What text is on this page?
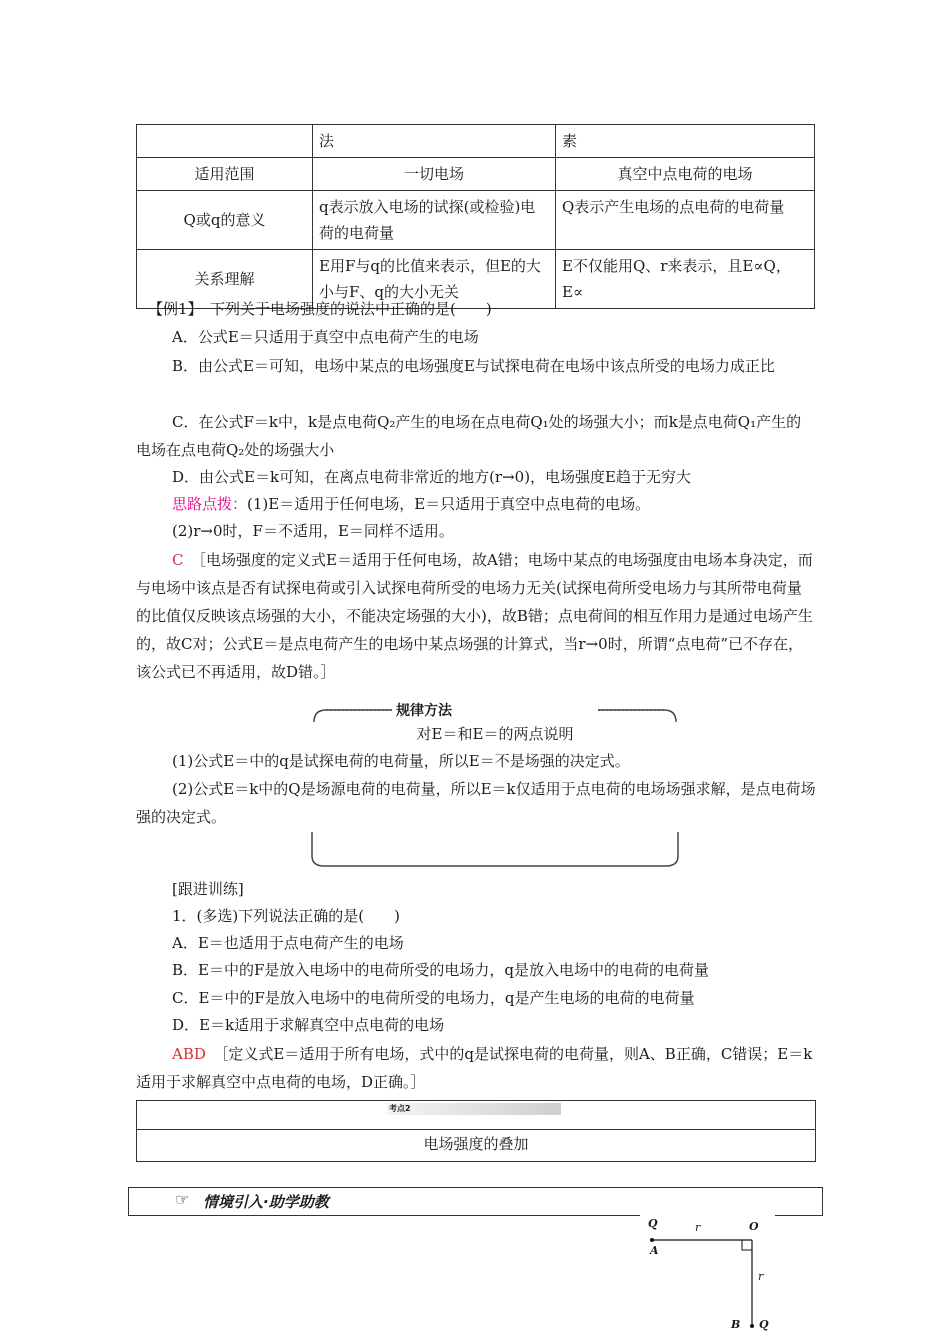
	法	素
适用范围	一切电场	真空中点电荷的电场
Q或q的意义	q表示放入电场的试探(或检验)电荷的电荷量	Q表示产生电场的点电荷的电荷量
关系理解	E用F与q的比值来表示，但E的大小与F、q的大小无关	E不仅能用Q、r来表示，且E∝Q，E∝
【例1】　下列关于电场强度的说法中正确的是(　　)
A．公式E＝只适用于真空中点电荷产生的电场
B．由公式E＝可知，电场中某点的电场强度E与试探电荷在电场中该点所受的电场力成正比
C．在公式F＝k中，k是点电荷Q₂产生的电场在点电荷Q₁处的场强大小；而k是点电荷Q₁产生的电场在点电荷Q₂处的场强大小
D．由公式E＝k可知，在离点电荷非常近的地方(r→0)，电场强度E趋于无穷大
思路点拨：(1)E＝适用于任何电场，E＝只适用于真空中点电荷的电场。
(2)r→0时，F＝不适用，E＝同样不适用。
C　 ［电场强度的定义式E＝适用于任何电场，故A错；电场中某点的电场强度由电场本身决定，而与电场中该点是否有试探电荷或引入试探电荷所受的电场力无关(试探电荷所受电场力与其所带电荷量的比值仅反映该点场强的大小，不能决定场强的大小)，故B错；点电荷间的相互作用力是通过电场产生的，故C对；公式E＝是点电荷产生的电场中某点场强的计算式，当r→0时，所谓“点电荷”已不存在，该公式已不再适用，故D错。］
规律方法
对E＝和E＝的两点说明
(1)公式E＝中的q是试探电荷的电荷量，所以E＝不是场强的决定式。
(2)公式E＝k中的Q是场源电荷的电荷量，所以E＝k仅适用于点电荷的电场场强求解，是点电荷场强的决定式。
[跟进训练]
1．(多选)下列说法正确的是(　　)
A．E＝也适用于点电荷产生的电场
B．E＝中的F是放入电场中的电荷所受的电场力，q是放入电场中的电荷的电荷量
C．E＝中的F是放入电场中的电荷所受的电场力，q是产生电场的电荷的电荷量
D．E＝k适用于求解真空中点电荷的电场
ABD　 ［定义式E＝适用于所有电场，式中的q是试探电荷的电荷量，则A、B正确，C错误；E＝k适用于求解真空中点电荷的电场，D正确。］
考点2
电场强度的叠加
☞ 情境引入·助学助教
Q
A
r	O
r
B Q
